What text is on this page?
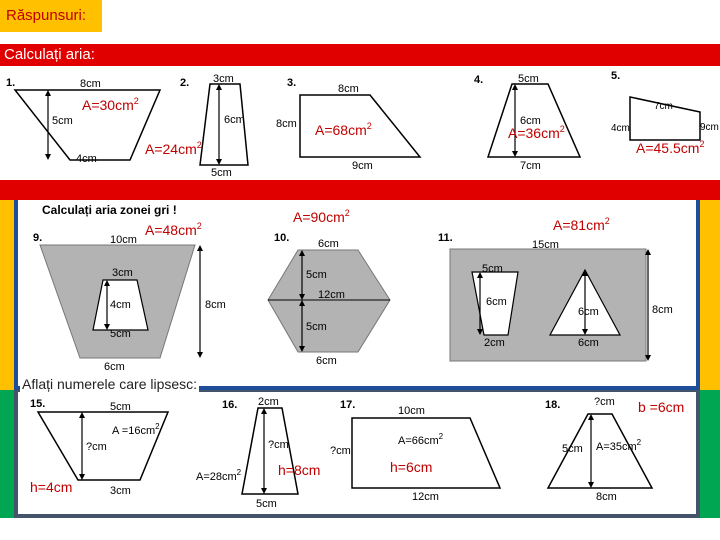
Răspunsuri:
Calculați aria:
Aflați numerele care lipsesc:
1.	8cm
5cm
4cm
$A=30cm^2$
2. 3cm
6cm
5cm
$A=24cm^2$
3.	8cm
8cm
9cm
$A=68cm^2$
4.	5cm
6cm
7cm
$A=36cm^2$
5.
7cm
4cm	9cm
$A=45.5cm^2$
Calculați aria zonei gri !
9.	10cm
3cm
4cm
5cm
8cm
6cm
$A=48cm^2$
10.	6cm
5cm
12cm
5cm
6cm
$A=90cm^2$
11.
15cm
5cm
6cm
2cm
6cm
6cm
8cm
$A=81cm^2$
15.	5cm
?cm
$A =16cm^2$
3cm
h=4cm
16. 2cm
?cm
$A=28cm^2$
5cm
h=8cm
17.	10cm
?cm
$A=66cm^2$
12cm
h=6cm
18.	?cm
5cm $A=35cm^2$
8cm
b =6cm
